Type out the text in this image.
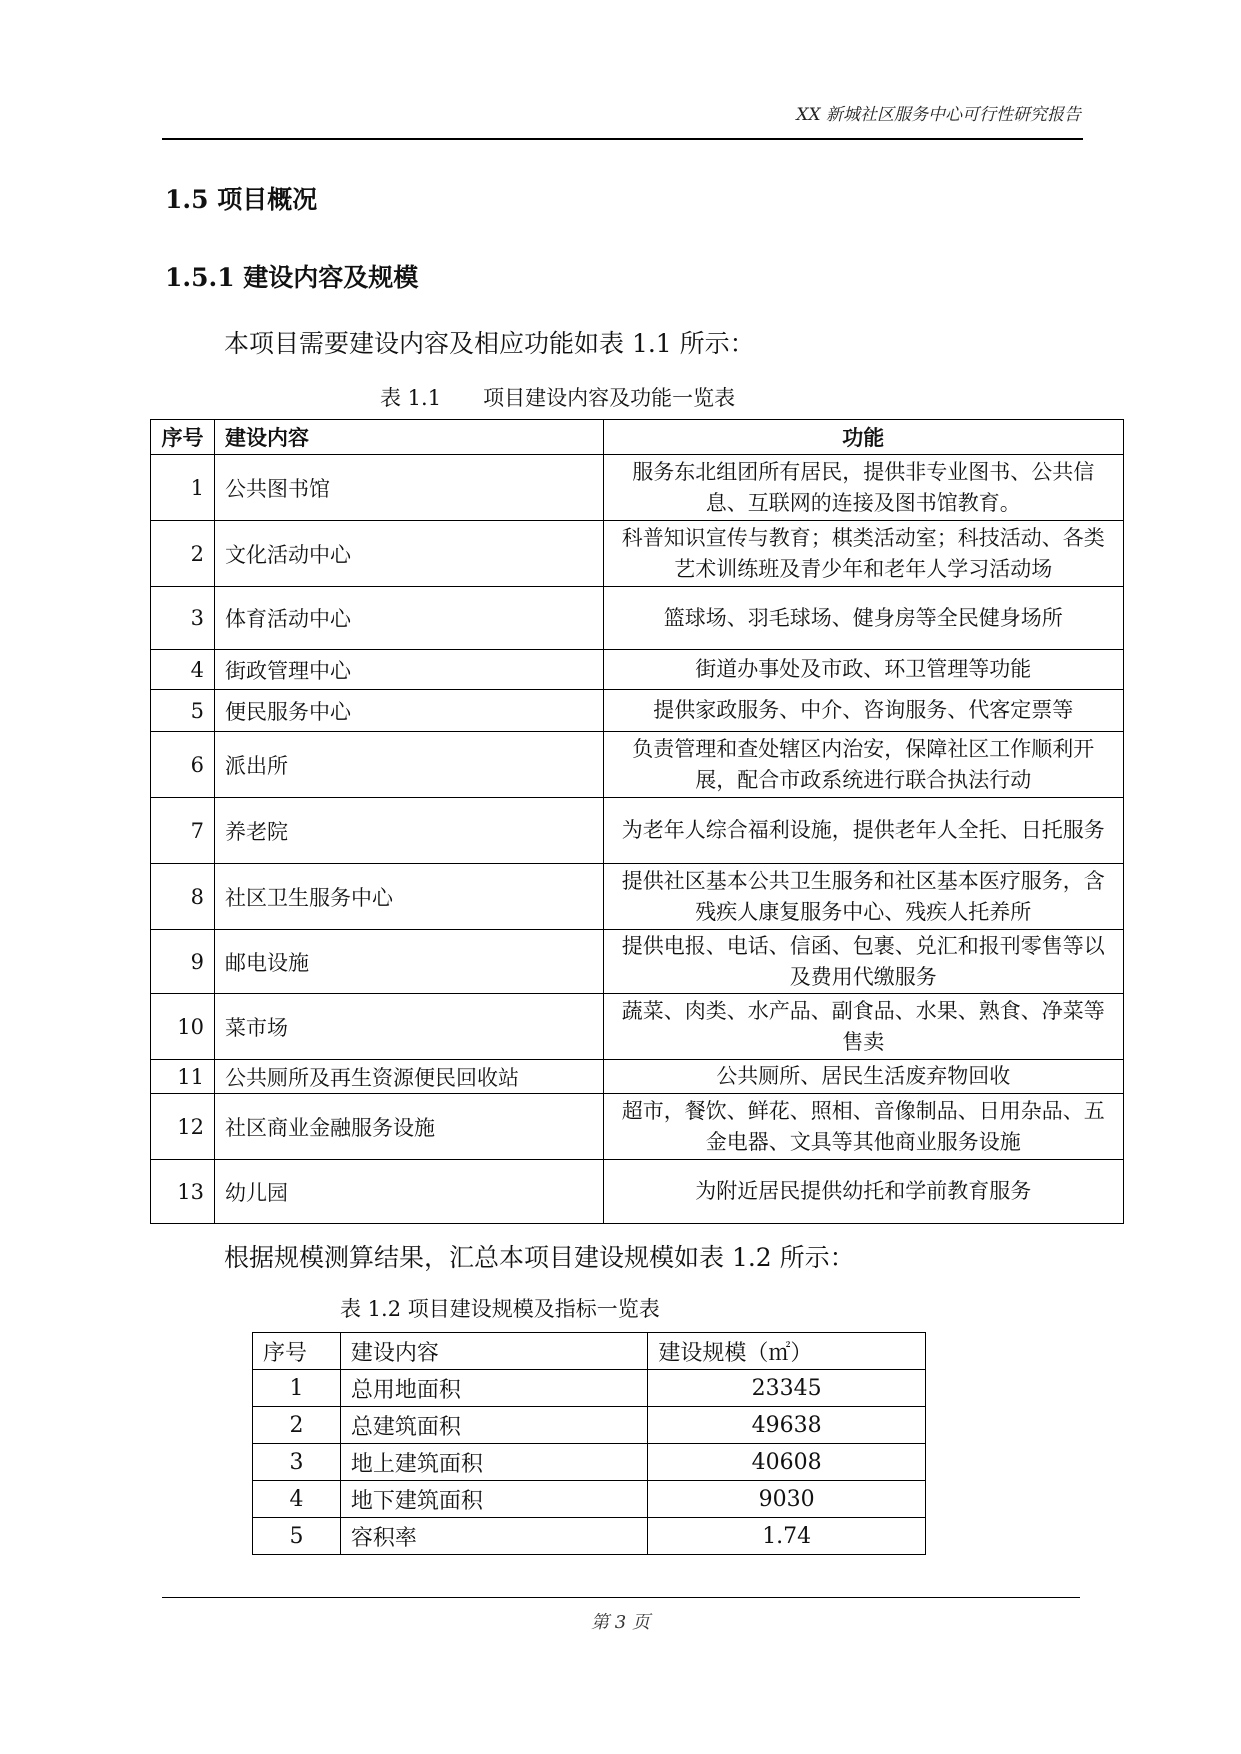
XX 新城社区服务中心可行性研究报告
1.5 项目概况
1.5.1 建设内容及规模
本项目需要建设内容及相应功能如表 1.1 所示：
表 1.1　　项目建设内容及功能一览表
序号	建设内容	功能
1	公共图书馆	服务东北组团所有居民，提供非专业图书、公共信息、互联网的连接及图书馆教育。
2	文化活动中心	科普知识宣传与教育；棋类活动室；科技活动、各类艺术训练班及青少年和老年人学习活动场
3	体育活动中心	篮球场、羽毛球场、健身房等全民健身场所
4	街政管理中心	街道办事处及市政、环卫管理等功能
5	便民服务中心	提供家政服务、中介、咨询服务、代客定票等
6	派出所	负责管理和查处辖区内治安，保障社区工作顺利开展，配合市政系统进行联合执法行动
7	养老院	为老年人综合福利设施，提供老年人全托、日托服务
8	社区卫生服务中心	提供社区基本公共卫生服务和社区基本医疗服务，含残疾人康复服务中心、残疾人托养所
9	邮电设施	提供电报、电话、信函、包裹、兑汇和报刊零售等以及费用代缴服务
10	菜市场	蔬菜、肉类、水产品、副食品、水果、熟食、净菜等售卖
11	公共厕所及再生资源便民回收站	公共厕所、居民生活废弃物回收
12	社区商业金融服务设施	超市，餐饮、鲜花、照相、音像制品、日用杂品、五金电器、文具等其他商业服务设施
13	幼儿园	为附近居民提供幼托和学前教育服务
根据规模测算结果，汇总本项目建设规模如表 1.2 所示：
表 1.2 项目建设规模及指标一览表
序号	建设内容	建设规模（㎡）
1	总用地面积	23345
2	总建筑面积	49638
3	地上建筑面积	40608
4	地下建筑面积	9030
5	容积率	1.74
第 3 页
